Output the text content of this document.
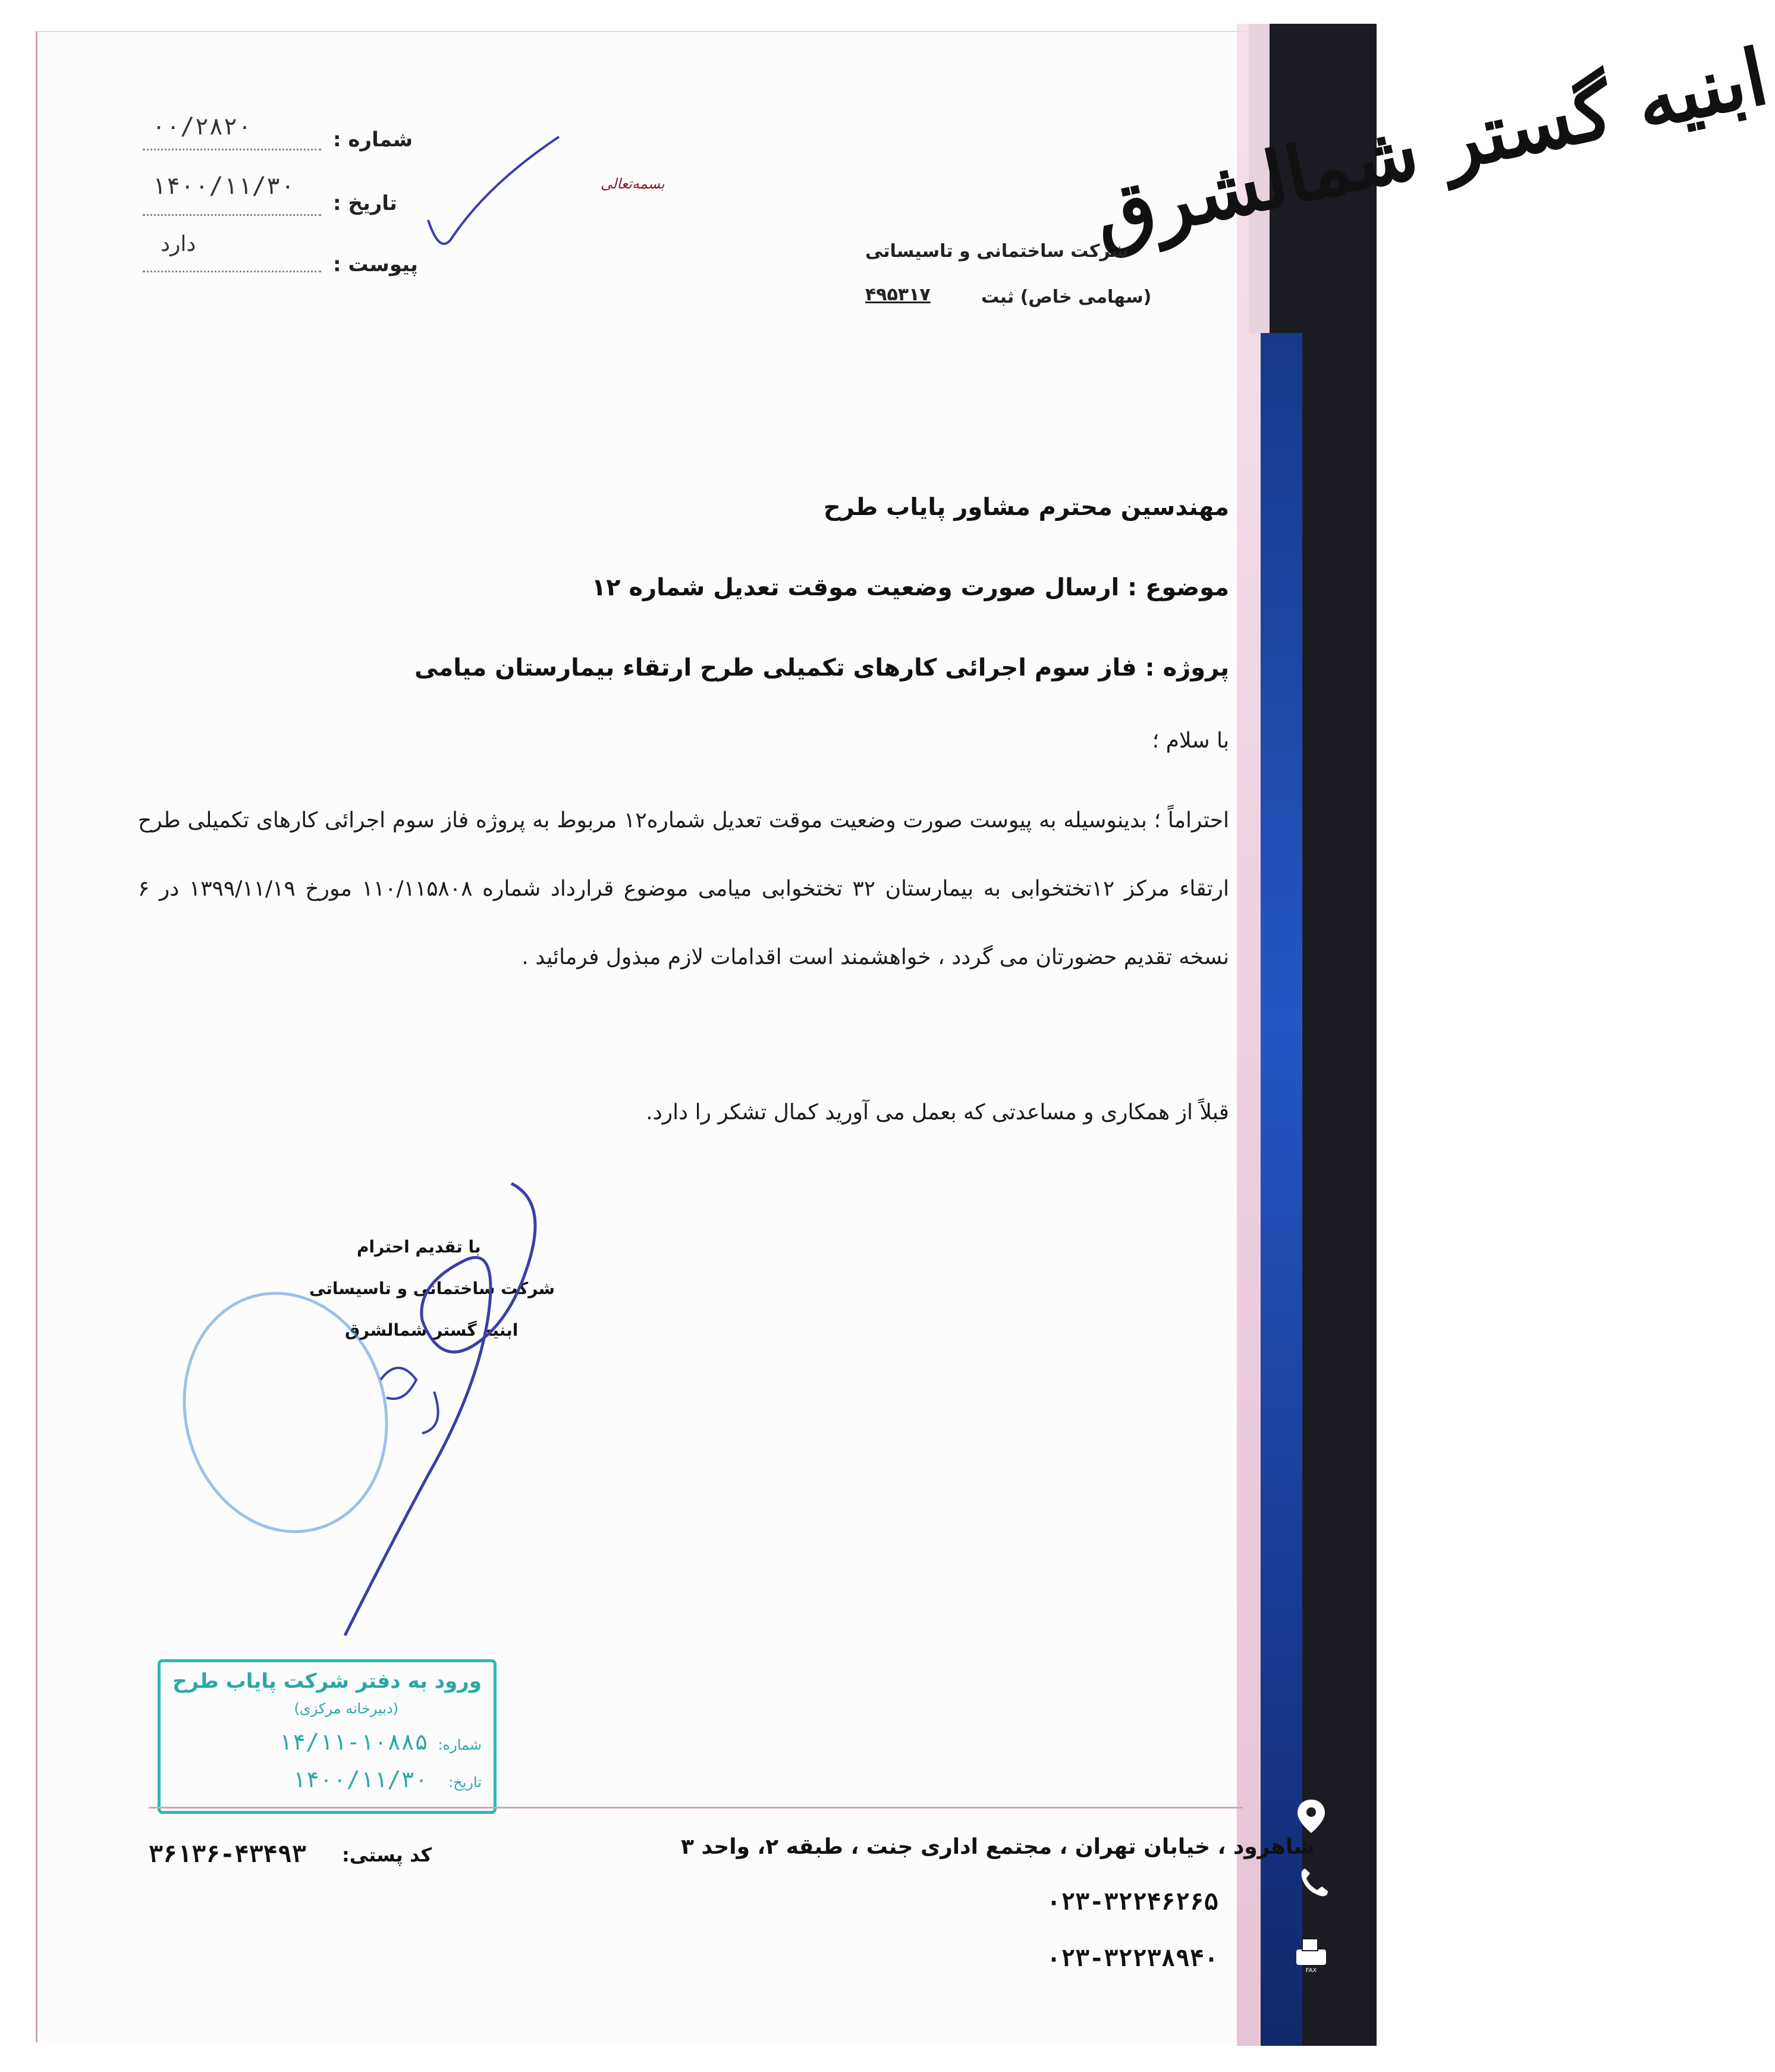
شماره :
۰۰/۲۸۲۰
تاریخ :
۱۴۰۰/۱۱/۳۰
پیوست :
دارد
بسمه‌تعالی	ابنیه گستر شمالشرق
شرکت ساختمانی و تاسیساتی
(سهامی خاص) ثبت
۴۹۵۳۱۷
مهندسین محترم مشاور پایاب طرح
موضوع : ارسال صورت وضعیت موقت تعدیل شماره ۱۲
پروژه : فاز سوم اجرائی کارهای تکمیلی طرح ارتقاء بیمارستان میامی
با سلام ؛
احتراماً ؛ بدینوسیله به پیوست صورت وضعیت موقت تعدیل شماره۱۲ مربوط به پروژه فاز سوم اجرائی کارهای تکمیلی طرح ارتقاء مرکز ۱۲تختخوابی به بیمارستان ۳۲ تختخوابی میامی موضوع قرارداد شماره ۱۱۰/۱۱۵۸۰۸ مورخ ۱۳۹۹/۱۱/۱۹ در ۶ نسخه تقدیم حضورتان می گردد ، خواهشمند است اقدامات لازم مبذول فرمائید .
قبلاً از همکاری و مساعدتی که بعمل می آورید کمال تشکر را دارد.
با تقدیم احترام
شرکت ساختمانی و تاسیساتی
ابنیه گستر شمالشرق
ورود به دفتر شرکت پایاب طرح
(دبیرخانه مرکزی)
شماره:
۱۴/۱۱-۱۰۸۸۵
تاریخ:
۱۴۰۰/۱۱/۳۰
شاهرود ، خیابان تهران ، مجتمع اداری جنت ، طبقه ۲، واحد ۳
کد پستی:
۳۶۱۳۶-۴۳۴۹۳
۰۲۳-۳۲۲۴۶۲۶۵
۰۲۳-۳۲۲۳۸۹۴۰	FAX
